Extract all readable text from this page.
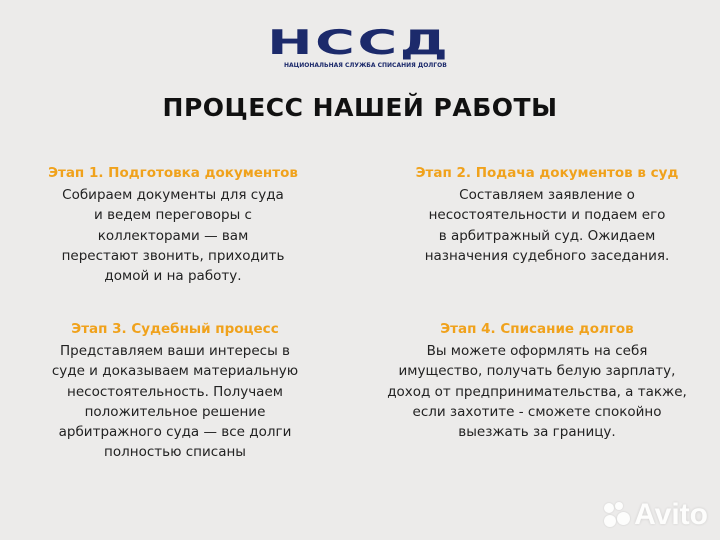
НССД
НАЦИОНАЛЬНАЯ СЛУЖБА СПИСАНИЯ ДОЛГОВ
ПРОЦЕСС НАШЕЙ РАБОТЫ
Этап 1. Подготовка документов
Собираем документы для суда
и ведем переговоры с
коллекторами — вам
перестают звонить, приходить
домой и на работу.
Этап 2. Подача документов в суд
Составляем заявление о
несостоятельности и подаем его
в арбитражный суд. Ожидаем
назначения судебного заседания.
Этап 3. Судебный процесс
Представляем ваши интересы в
суде и доказываем материальную
несостоятельность. Получаем
положительное решение
арбитражного суда — все долги
полностью списаны
Этап 4. Списание долгов
Вы можете оформлять на себя
имущество, получать белую зарплату,
доход от предпринимательства, а также,
если захотите - сможете спокойно
выезжать за границу.
Avito
